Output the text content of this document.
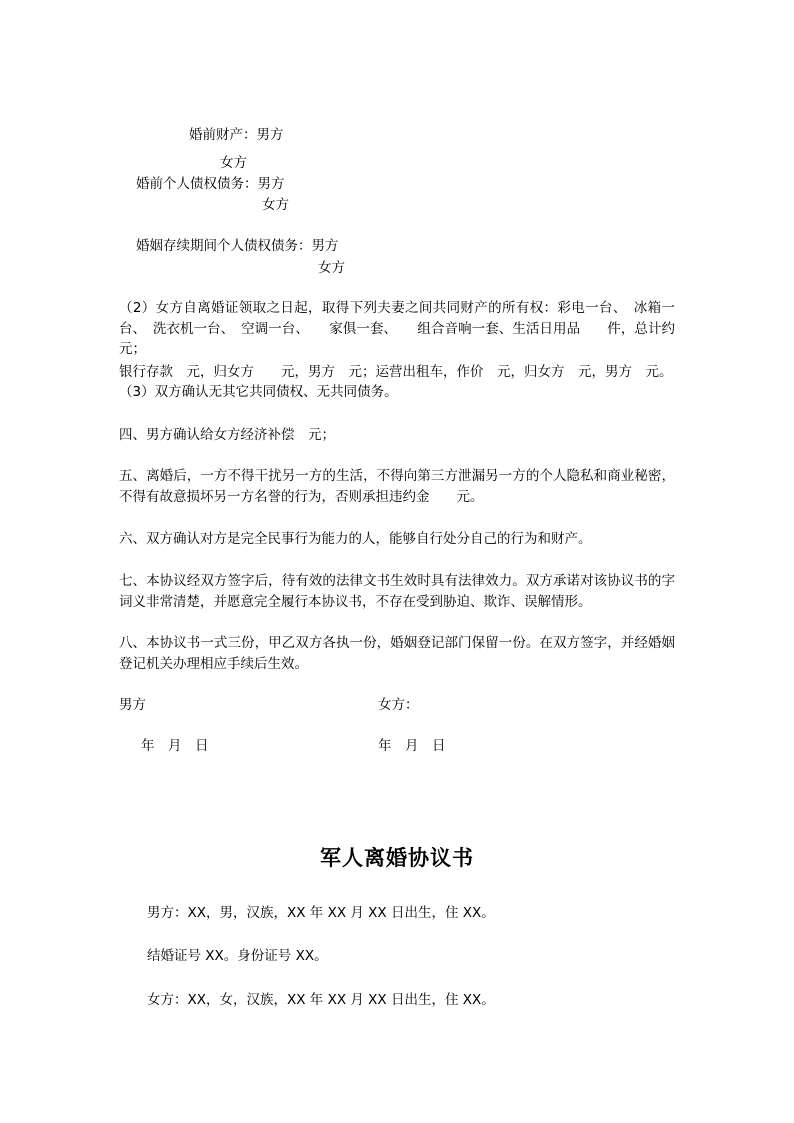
婚前财产：男方
女方
婚前个人债权债务：男方
女方
婚姻存续期间个人债权债务：男方
女方
（2）女方自离婚证领取之日起，取得下列夫妻之间共同财产的所有权：彩电一台、　冰箱一台、　洗衣机一台、　空调一台、　　家俱一套、　　组合音响一套、生活日用品　　件，总计约　　元；
银行存款　元，归女方　　元，男方　元；运营出租车，作价　元，归女方　元，男方　元。
（3）双方确认无其它共同债权、无共同债务。
四、男方确认给女方经济补偿　元；
五、离婚后，一方不得干扰另一方的生活，不得向第三方泄漏另一方的个人隐私和商业秘密，不得有故意损坏另一方名誉的行为，否则承担违约金　　元。
六、双方确认对方是完全民事行为能力的人，能够自行处分自己的行为和财产。
七、本协议经双方签字后，待有效的法律文书生效时具有法律效力。双方承诺对该协议书的字词义非常清楚，并愿意完全履行本协议书，不存在受到胁迫、欺诈、误解情形。
八、本协议书一式三份，甲乙双方各执一份，婚姻登记部门保留一份。在双方签字，并经婚姻登记机关办理相应手续后生效。
男方	女方：
年　月　日	年　月　日
军人离婚协议书
男方：XX，男，汉族，XX 年 XX 月 XX 日出生，住 XX。
结婚证号 XX。身份证号 XX。
女方：XX，女，汉族，XX 年 XX 月 XX 日出生，住 XX。
